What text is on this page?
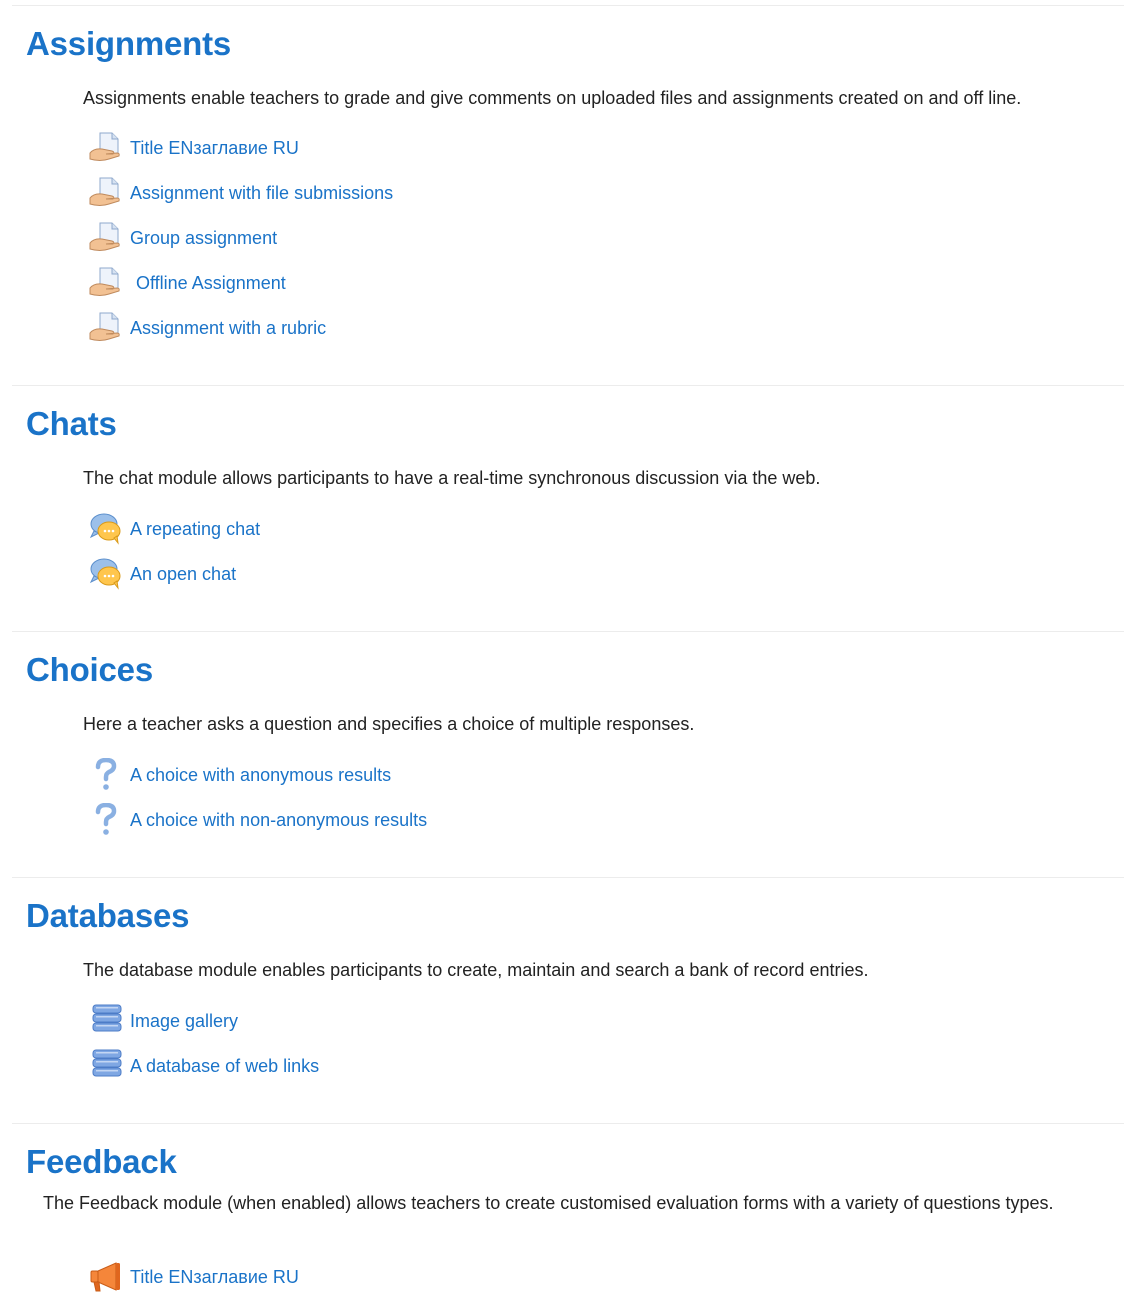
Assignments
Assignments enable teachers to grade and give comments on uploaded files and assignments created on and off line.
Title ENзаглавие RU
Assignment with file submissions
Group assignment
Offline Assignment
Assignment with a rubric
Chats
The chat module allows participants to have a real-time synchronous discussion via the web.
A repeating chat
An open chat
Choices
Here a teacher asks a question and specifies a choice of multiple responses.
A choice with anonymous results
A choice with non-anonymous results
Databases
The database module enables participants to create, maintain and search a bank of record entries.
Image gallery
A database of web links
Feedback
The Feedback module (when enabled) allows teachers to create customised evaluation forms with a variety of questions types.
Title ENзаглавие RU
